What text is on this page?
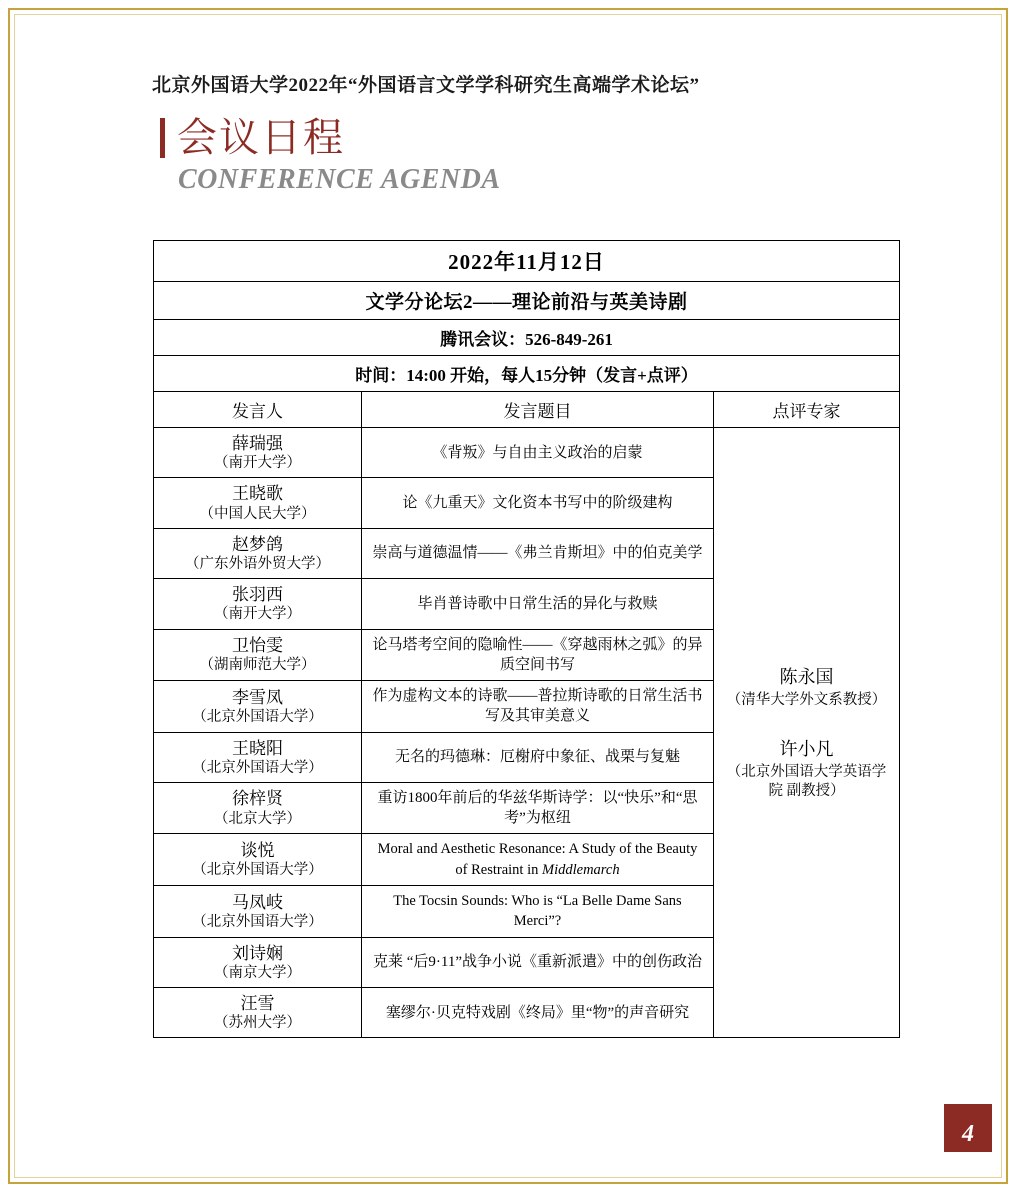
北京外国语大学2022年“外国语言文学学科研究生高端学术论坛”
会议日程
CONFERENCE AGENDA
2022年11月12日		
文学分论坛2——理论前沿与英美诗剧		
腾讯会议：526-849-261		
时间：14:00 开始，每人15分钟（发言+点评）		
发言人	发言题目	点评专家

薛瑞强
（南开大学）
	《背叛》与自由主义政治的启蒙	
陈永国
（清华大学外文系教授）
许小凡
（北京外国语大学英语学院 副教授）

王晓歌
（中国人民大学）	论《九重天》文化资本书写中的阶级建构	

赵梦鸽
（广东外语外贸大学）	崇高与道德温情——《弗兰肯斯坦》中的伯克美学	

张羽西
（南开大学）	毕肖普诗歌中日常生活的异化与救赎	

卫怡雯
（湖南师范大学）	论马塔考空间的隐喻性——《穿越雨林之弧》的异质空间书写	

李雪凤
（北京外国语大学）	作为虚构文本的诗歌——普拉斯诗歌的日常生活书写及其审美意义	

王晓阳
（北京外国语大学）	无名的玛德琳：厄榭府中象征、战栗与复魅	

徐梓贤
（北京大学）	重访1800年前后的华兹华斯诗学：以“快乐”和“思考”为枢纽	

谈悦
（北京外国语大学）	Moral and Aesthetic Resonance: A Study of the Beauty of Restraint in Middlemarch	

马凤岐
（北京外国语大学）	The Tocsin Sounds: Who is “La Belle Dame Sans Merci”?	

刘诗娴
（南京大学）	克莱 “后9·11”战争小说《重新派遣》中的创伤政治	

汪雪
（苏州大学）	塞缪尔·贝克特戏剧《终局》里“物”的声音研究	
4
